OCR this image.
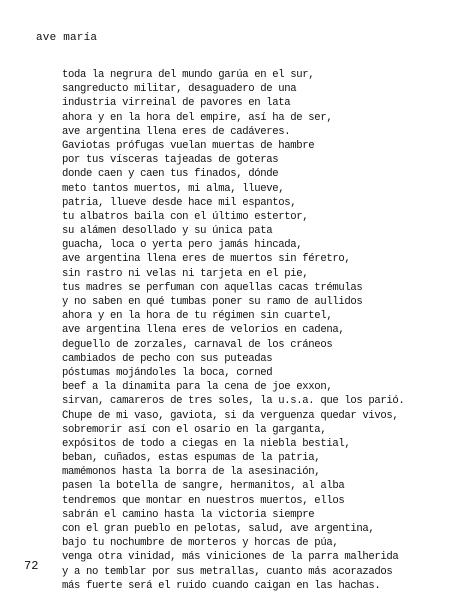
ave maría
toda la negrura del mundo garúa en el sur,
sangreducto militar, desaguadero de una
industria virreinal de pavores en lata
ahora y en la hora del empire, así ha de ser,
ave argentina llena eres de cadáveres.
Gaviotas prófugas vuelan muertas de hambre
por tus vísceras tajeadas de goteras
donde caen y caen tus finados, dónde
meto tantos muertos, mi alma, llueve,
patria, llueve desde hace mil espantos,
tu albatros baila con el último estertor,
su alámen desollado y su única pata
guacha, loca o yerta pero jamás hincada,
ave argentina llena eres de muertos sin féretro,
sin rastro ni velas ni tarjeta en el pie,
tus madres se perfuman con aquellas cacas trémulas
y no saben en qué tumbas poner su ramo de aullidos
ahora y en la hora de tu régimen sin cuartel,
ave argentina llena eres de velorios en cadena,
deguello de zorzales, carnaval de los cráneos
cambiados de pecho con sus puteadas
póstumas mojándoles la boca, corned
beef a la dinamita para la cena de joe exxon,
sirvan, camareros de tres soles, la u.s.a. que los parió.
Chupe de mi vaso, gaviota, si da verguenza quedar vivos,
sobremorir así con el osario en la garganta,
expósitos de todo a ciegas en la niebla bestial,
beban, cuñados, estas espumas de la patria,
mamémonos hasta la borra de la asesinación,
pasen la botella de sangre, hermanitos, al alba
tendremos que montar en nuestros muertos, ellos
sabrán el camino hasta la victoria siempre
con el gran pueblo en pelotas, salud, ave argentina,
bajo tu nochumbre de morteros y horcas de púa,
venga otra vinidad, más viniciones de la parra malherida
y a no temblar por sus metrallas, cuanto más acorazados
más fuerte será el ruido cuando caigan en las hachas.
72
